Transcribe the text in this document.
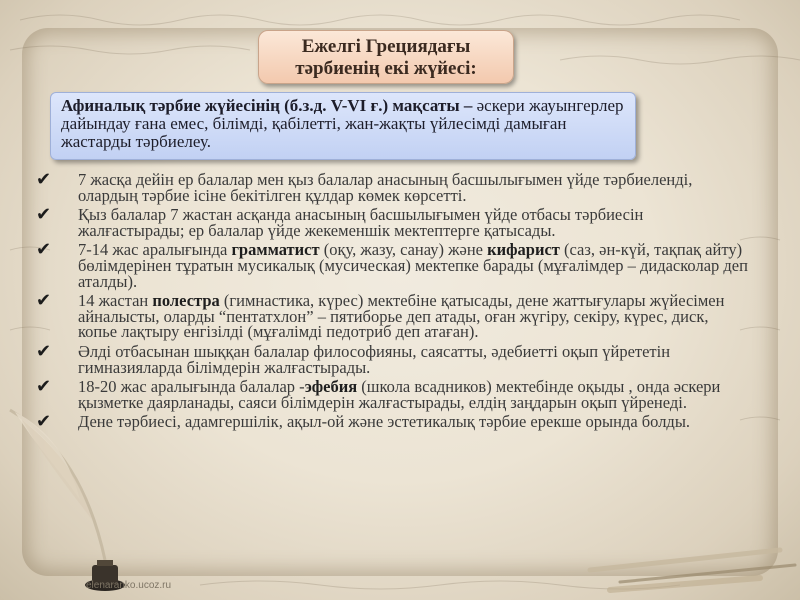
Ежелгі Грециядағы
тәрбиенің екі жүйесі:
Афиналық тәрбие жүйесінің (б.з.д. V-VI ғ.) мақсаты – әскери жауынгерлер дайындау ғана емес, білімді, қабілетті, жан-жақты үйлесімді дамыған жастарды тәрбиелеу.
✔	7 жасқа дейін ер балалар мен қыз балалар анасының басшылығымен үйде тәрбиеленді, олардың тәрбие ісіне бекітілген құлдар көмек көрсетті.
✔	Қыз балалар 7 жастан асқанда анасының басшылығымен үйде отбасы тәрбиесін жалғастырады; ер балалар үйде жекеменшік мектептерге қатысады.
✔	7-14 жас аралығында грамматист (оқу, жазу, санау) және кифарист (саз, ән-күй, тақпақ айту) бөлімдерінен тұратын мусикалық (мусическая) мектепке барады (мұғалімдер – дидасколар деп аталды).
✔	14 жастан полестра (гимнастика, күрес) мектебіне қатысады, дене жаттығулары жүйесімен айналысты, оларды “пентатхлон” – пятиборье деп атады, оған жүгіру, секіру, күрес, диск, копье лақтыру енгізілді (мұғалімді педотриб деп атаған).
✔	Әлді отбасынан шыққан балалар философияны, саясатты, әдебиетті оқып үйрететін гимназияларда білімдерін жалғастырады.
✔	18-20 жас аралығында балалар -эфебия (школа всадников) мектебінде оқыды , онда әскери қызметке даярланады, саяси білімдерін жалғастырады, елдің заңдарын оқып үйренеді.
✔	Дене тәрбиесі, адамгершілік, ақыл-ой және эстетикалық тәрбие ерекше орында болды.
elenaranko.ucoz.ru
